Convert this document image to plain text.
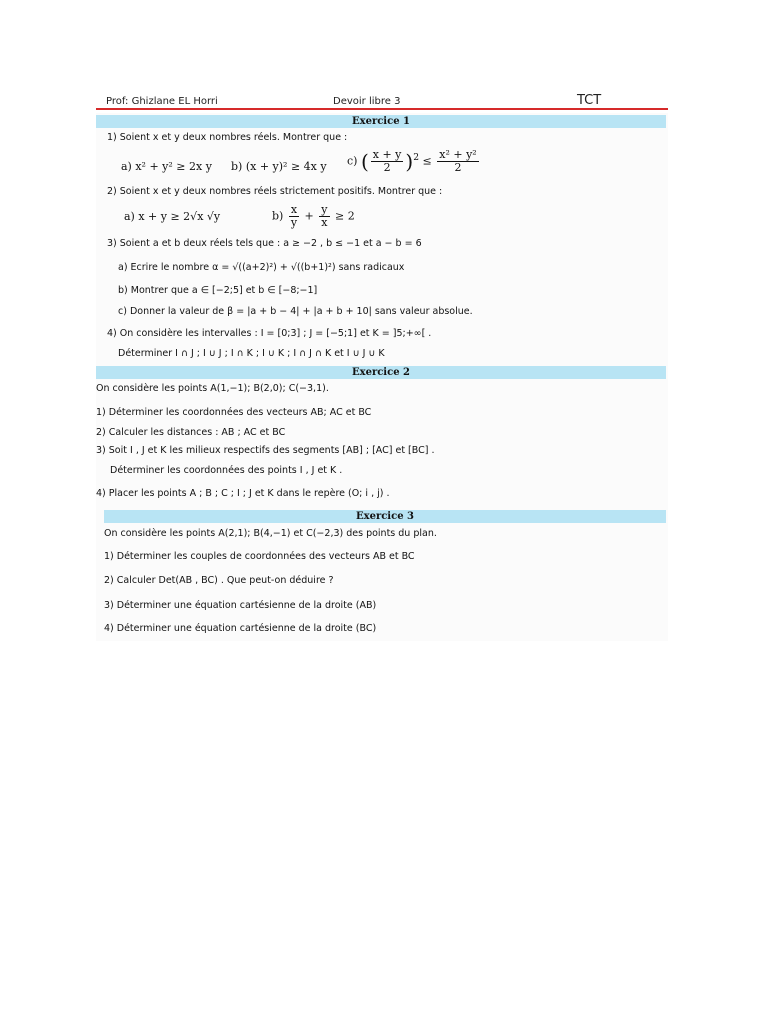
Prof: Ghizlane EL Horri	Devoir libre 3	TCT
Exercice 1
1) Soient x et y deux nombres réels. Montrer que :
a) x² + y² ≥ 2x y b) (x + y)² ≥ 4x y c) ( $\frac{x + y}{2} )^2 \le \frac{\text{x² + y²}}{2}$
2) Soient x et y deux nombres réels strictement positifs. Montrer que :
a) x + y ≥ 2√x √y	$b) \frac{x}{y} + \frac{y}{x} \ge 2$
3) Soient a et b deux réels tels que : a ≥ −2 , b ≤ −1 et a − b = 6
a) Ecrire le nombre α = √((a+2)²) + √((b+1)²) sans radicaux
b) Montrer que a ∈ [−2;5] et b ∈ [−8;−1]
c) Donner la valeur de β = |a + b − 4| + |a + b + 10| sans valeur absolue.
4) On considère les intervalles : I = [0;3] ; J = [−5;1] et K = ]5;+∞[ .
Déterminer I ∩ J ; I ∪ J ; I ∩ K ; I ∪ K ; I ∩ J ∩ K et I ∪ J ∪ K
Exercice 2
On considère les points A(1,−1); B(2,0); C(−3,1).
1) Déterminer les coordonnées des vecteurs AB; AC et BC
2) Calculer les distances : AB ; AC et BC
3) Soit I , J et K les milieux respectifs des segments [AB] ; [AC] et [BC] .
Déterminer les coordonnées des points I , J et K .
4) Placer les points A ; B ; C ; I ; J et K dans le repère (O; i , j) .
Exercice 3
On considère les points A(2,1); B(4,−1) et C(−2,3) des points du plan.
1) Déterminer les couples de coordonnées des vecteurs AB et BC
2) Calculer Det(AB , BC) . Que peut-on déduire ?
3) Déterminer une équation cartésienne de la droite (AB)
4) Déterminer une équation cartésienne de la droite (BC)
